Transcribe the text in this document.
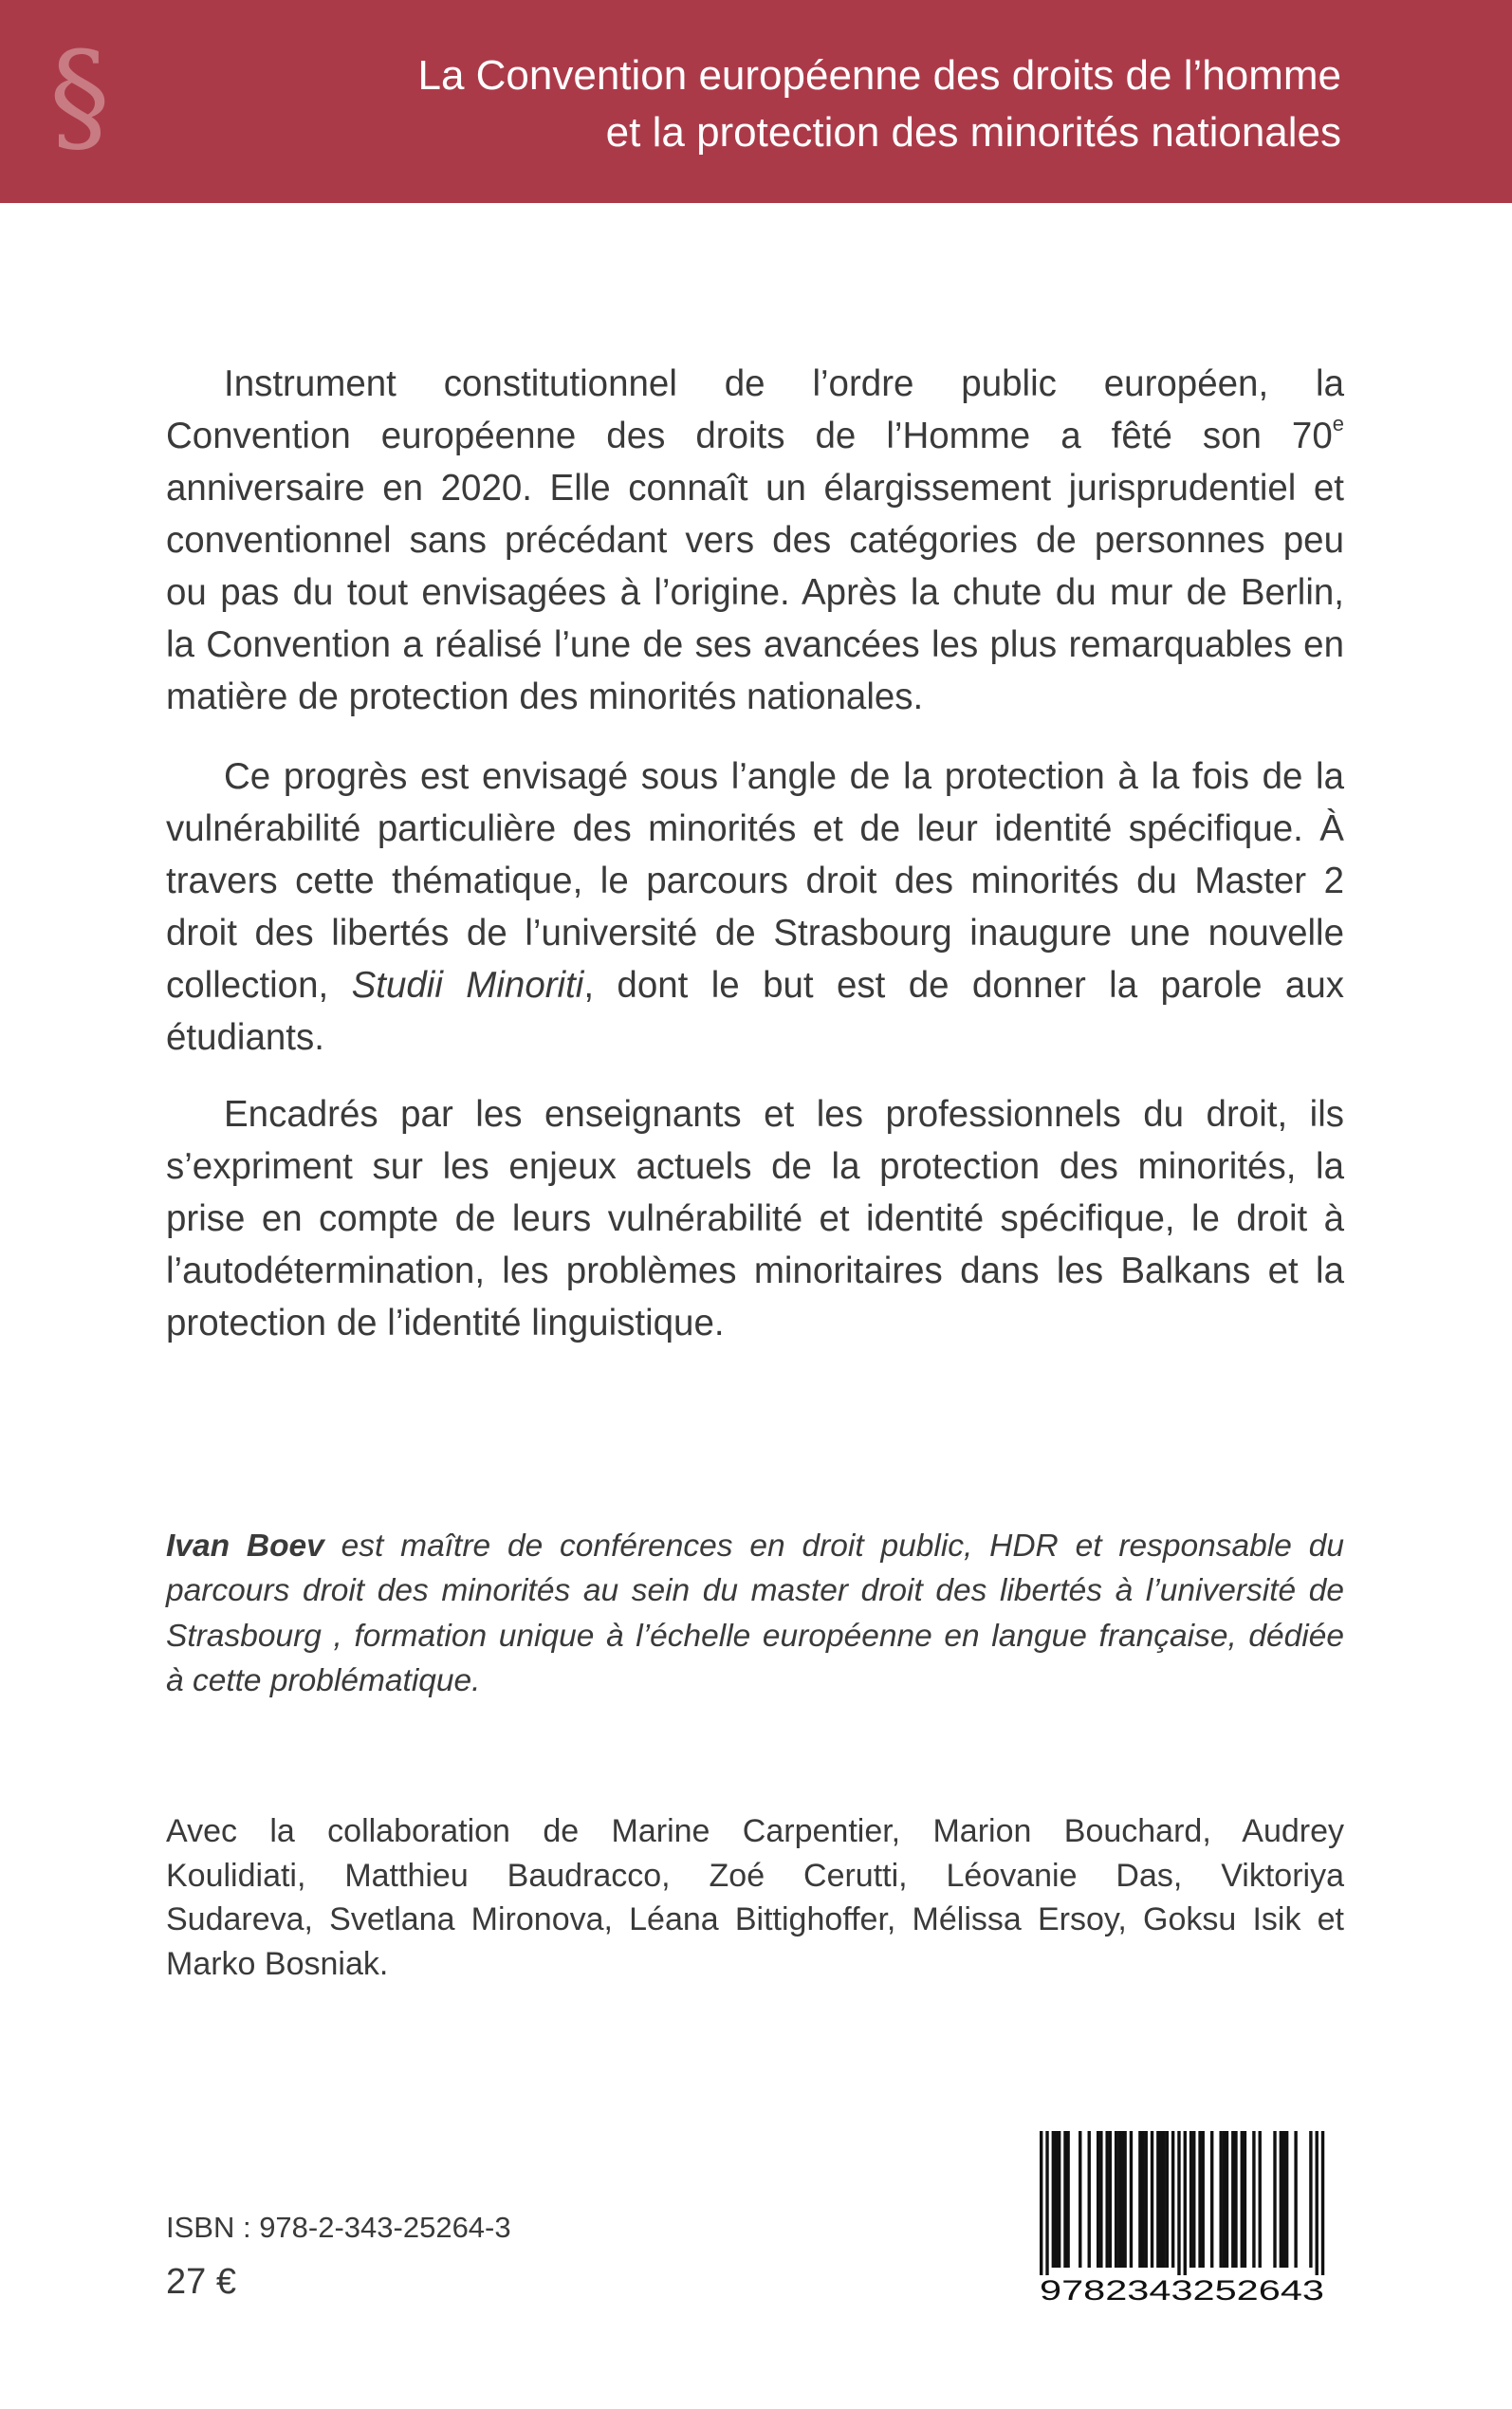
§	La Convention européenne des droits de l’homme
et la protection des minorités nationales
Instrument constitutionnel de l’ordre public européen, la
Convention européenne des droits de l’Homme a fêté son 70e
anniversaire en 2020. Elle connaît un élargissement jurisprudentiel et
conventionnel sans précédant vers des catégories de personnes peu
ou pas du tout envisagées à l’origine. Après la chute du mur de Berlin,
la Convention a réalisé l’une de ses avancées les plus remarquables en
matière de protection des minorités nationales.
Ce progrès est envisagé sous l’angle de la protection à la fois de la
vulnérabilité particulière des minorités et de leur identité spécifique. À
travers cette thématique, le parcours droit des minorités du Master 2
droit des libertés de l’université de Strasbourg inaugure une nouvelle
collection, Studii Minoriti, dont le but est de donner la parole aux
étudiants.
Encadrés par les enseignants et les professionnels du droit, ils
s’expriment sur les enjeux actuels de la protection des minorités, la
prise en compte de leurs vulnérabilité et identité spécifique, le droit à
l’autodétermination, les problèmes minoritaires dans les Balkans et la
protection de l’identité linguistique.
Ivan Boev est maître de conférences en droit public, HDR et responsable du
parcours droit des minorités au sein du master droit des libertés à l’université de
Strasbourg , formation unique à l’échelle européenne en langue française, dédiée
à cette problématique.
Avec la collaboration de Marine Carpentier, Marion Bouchard, Audrey
Koulidiati, Matthieu Baudracco, Zoé Cerutti, Léovanie Das, Viktoriya
Sudareva, Svetlana Mironova, Léana Bittighoffer, Mélissa Ersoy, Goksu Isik et
Marko Bosniak.
ISBN : 978-2-343-25264-3
27 €	9782343252643
